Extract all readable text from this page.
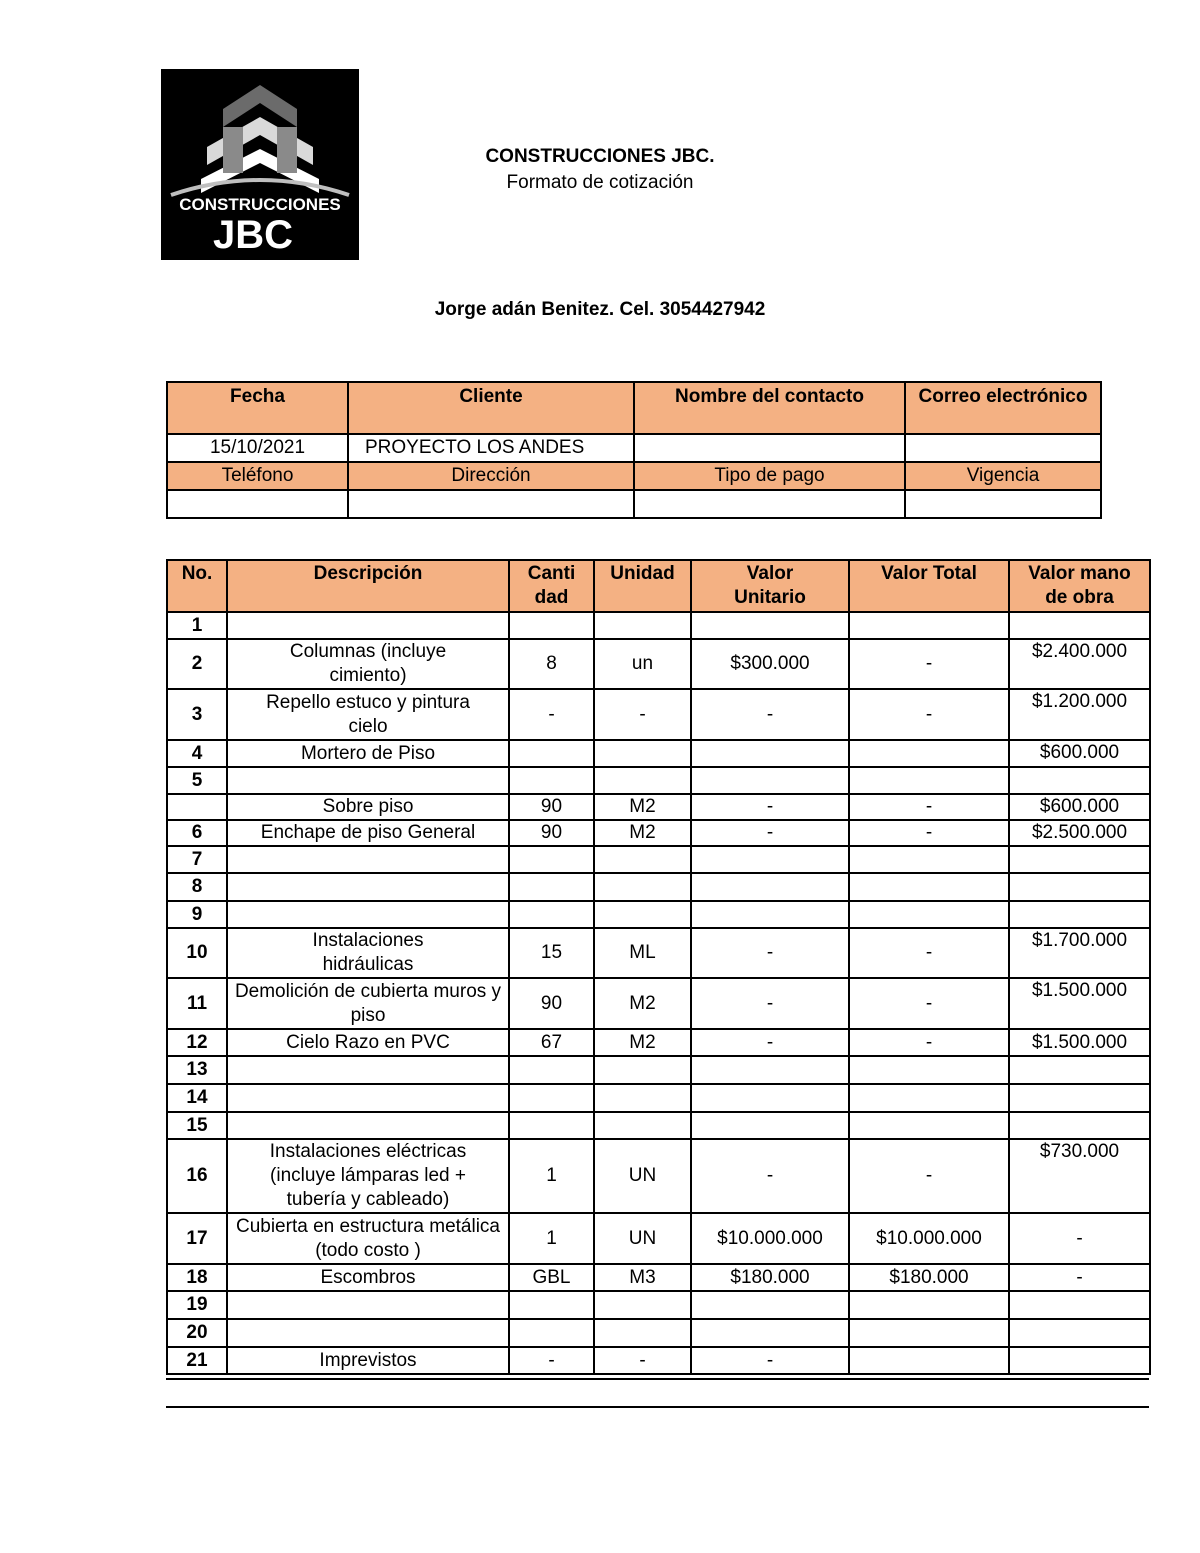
CONSTRUCCIONES
JBC
CONSTRUCCIONES JBC.
Formato de cotización
Jorge adán Benitez. Cel. 3054427942
Fecha	Cliente	Nombre del contacto	Correo electrónico
15/10/2021	PROYECTO LOS ANDES		
Teléfono	Dirección	Tipo de pago	Vigencia

No.	Descripción	Canti dad	Unidad	Valor Unitario	Valor Total	Valor mano de obra
1						
2	Columnas (incluye cimiento)	8	un	$300.000	-	$2.400.000
3	Repello estuco y pintura cielo	-	-	-	-	$1.200.000
4	Mortero de Piso					$600.000
5						
	Sobre piso	90	M2	-	-	$600.000
6	Enchape de piso General	90	M2	-	-	$2.500.000
7						
8						
9						
10	Instalaciones hidráulicas	15	ML	-	-	$1.700.000
11	Demolición de cubierta muros y piso	90	M2	-	-	$1.500.000
12	Cielo Razo en PVC	67	M2	-	-	$1.500.000
13						
14						
15						
16	Instalaciones eléctricas (incluye lámparas led + tubería y cableado)	1	UN	-	-	$730.000
17	Cubierta en estructura metálica (todo costo )	1	UN	$10.000.000	$10.000.000	-
18	Escombros	GBL	M3	$180.000	$180.000	-
19						
20						
21	Imprevistos	-	-	-		
